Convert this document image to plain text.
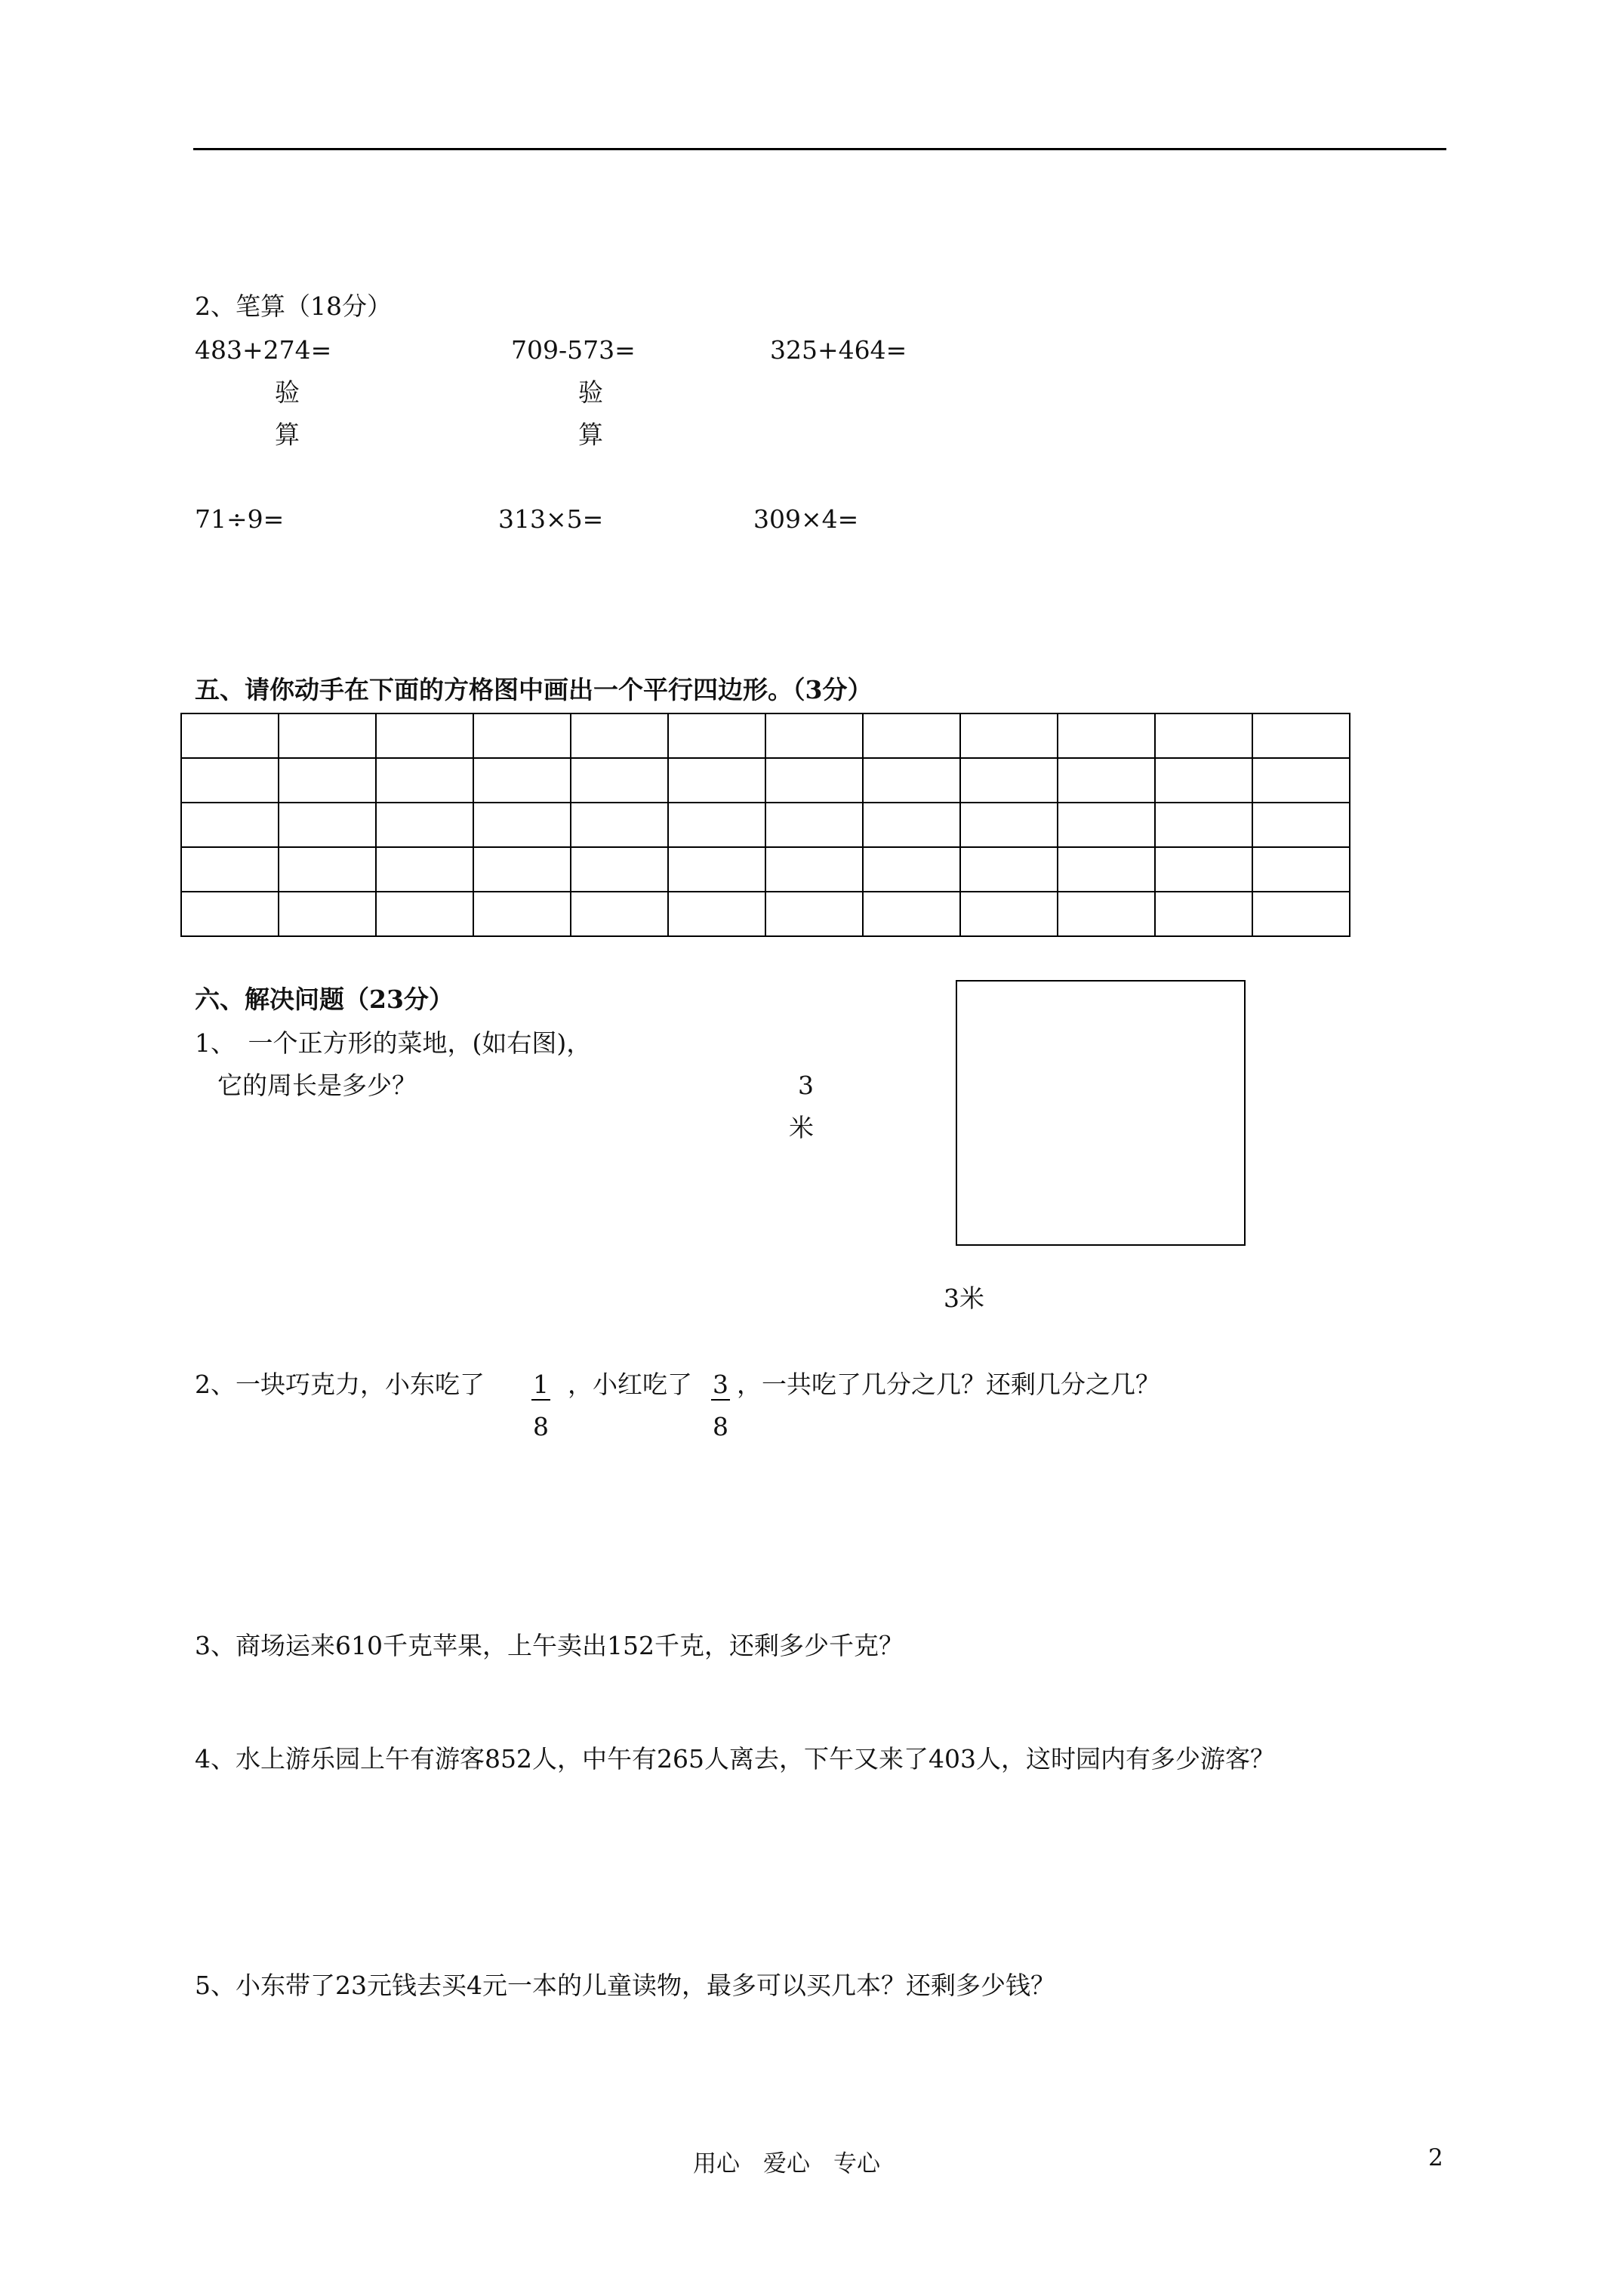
2、笔算（18分）
483+274=	709-573=	325+464=
验
算
验
算
71÷9=	313×5=	309×4=
五、请你动手在下面的方格图中画出一个平行四边形。（3分）

六、解决问题（23分）
1、　一个正方形的菜地，(如右图)，
它的周长是多少？	3
米
3米
2、一块巧克力，小东吃了 $\frac{1}{8}$ ，小红吃了 $\frac{3}{8}$ ，一共吃了几分之几？还剩几分之几？
3、商场运来610千克苹果，上午卖出152千克，还剩多少千克？
4、水上游乐园上午有游客852人，中午有265人离去，下午又来了403人，这时园内有多少游客？
5、小东带了23元钱去买4元一本的儿童读物，最多可以买几本？还剩多少钱？
用心　爱心　专心	2
